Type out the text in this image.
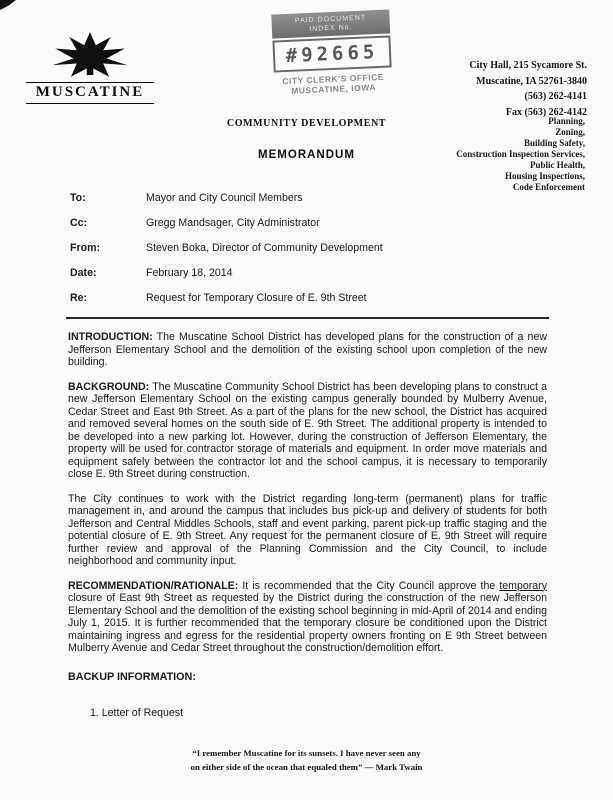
MUSCATINE
PAID DOCUMENT
INDEX No.
#92665
CITY CLERK'S OFFICE
MUSCATINE, IOWA
City Hall, 215 Sycamore St.
Muscatine, IA 52761-3840
(563) 262-4141
Fax (563) 262-4142
COMMUNITY DEVELOPMENT
MEMORANDUM
Planning,
Zoning,
Building Safety,
Construction Inspection Services,
Public Health,
Housing Inspections,
Code Enforcement
To:	Mayor and City Council Members
Cc:	Gregg Mandsager, City Administrator
From:	Steven Boka, Director of Community Development
Date:	February 18, 2014
Re:	Request for Temporary Closure of E. 9th Street

INTRODUCTION: The Muscatine School District has developed plans for the construction of a new Jefferson Elementary School and the demolition of the existing school upon completion of the new building.

BACKGROUND: The Muscatine Community School District has been developing plans to construct a new Jefferson Elementary School on the existing campus generally bounded by Mulberry Avenue, Cedar Street and East 9th Street. As a part of the plans for the new school, the District has acquired and removed several homes on the south side of E. 9th Street. The additional property is intended to be developed into a new parking lot. However, during the construction of Jefferson Elementary, the property will be used for contractor storage of materials and equipment. In order move materials and equipment safely between the contractor lot and the school campus, it is necessary to temporarily close E. 9th Street during construction.

The City continues to work with the District regarding long-term (permanent) plans for traffic management in, and around the campus that includes bus pick-up and delivery of students for both Jefferson and Central Middles Schools, staff and event parking, parent pick-up traffic staging and the potential closure of E. 9th Street. Any request for the permanent closure of E. 9th Street will require further review and approval of the Planning Commission and the City Council, to include neighborhood and community input.

RECOMMENDATION/RATIONALE: It is recommended that the City Council approve the temporary closure of East 9th Street as requested by the District during the construction of the new Jefferson Elementary School and the demolition of the existing school beginning in mid-April of 2014 and ending July 1, 2015. It is further recommended that the temporary closure be conditioned upon the District maintaining ingress and egress for the residential property owners fronting on E 9th Street between Mulberry Avenue and Cedar Street throughout the construction/demolition effort.

BACKUP INFORMATION:
1. Letter of Request
“I remember Muscatine for its sunsets. I have never seen any
on either side of the ocean that equaled them” — Mark Twain
